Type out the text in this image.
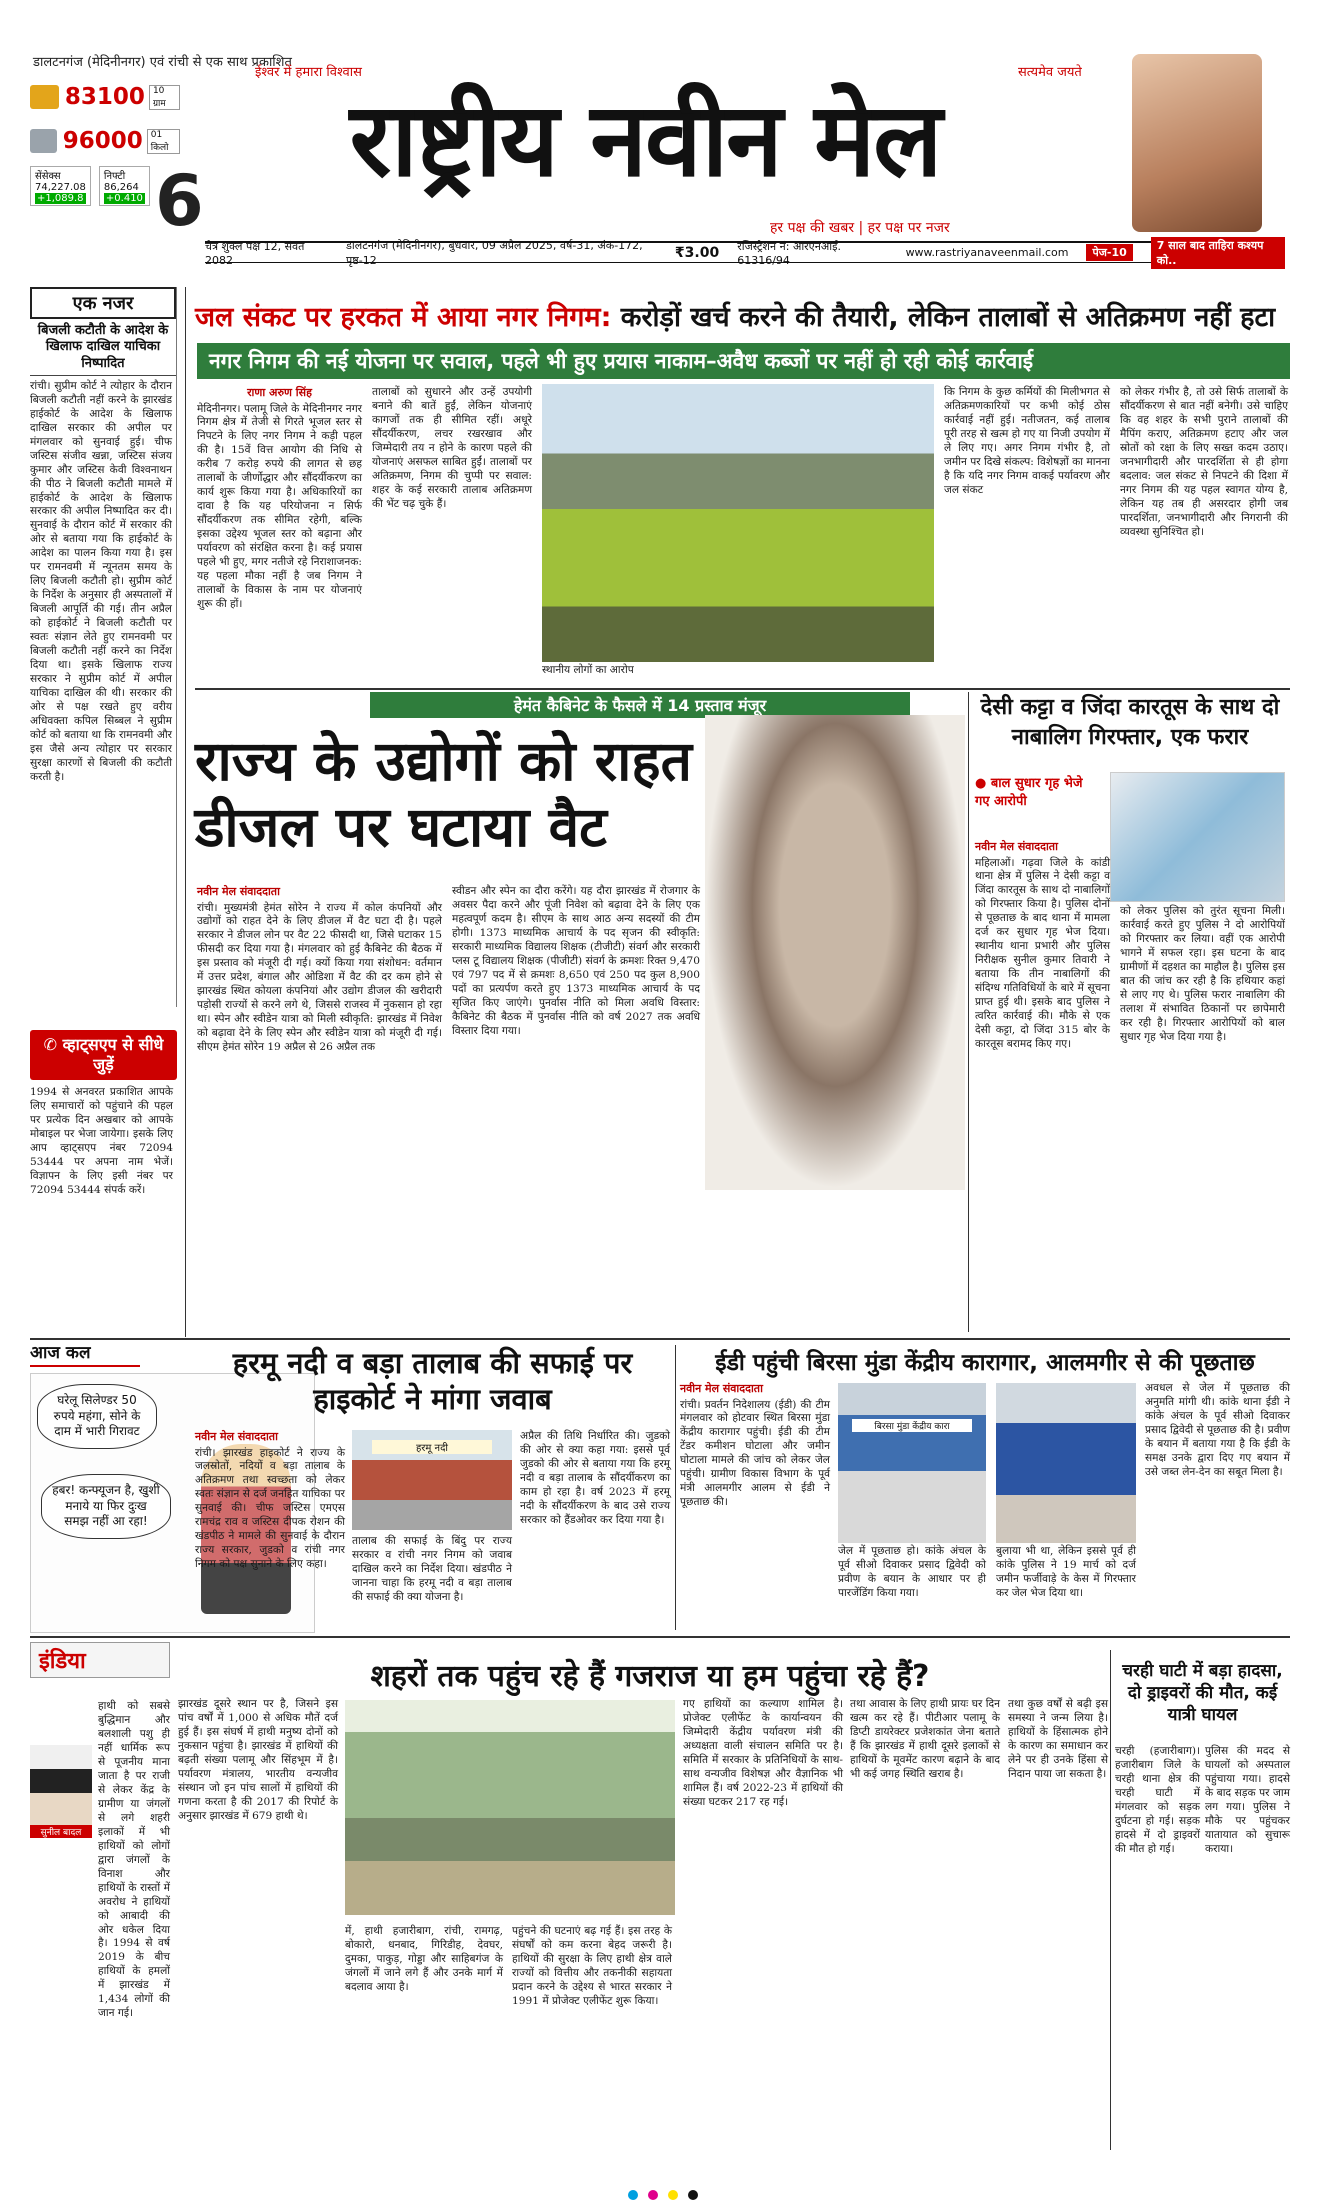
डालटनगंज (मेदिनीनगर) एवं रांची से एक साथ प्रकाशित
ईश्वर में हमारा विश्वास	सत्यमेव जयते
83100 10 ग्राम
96000 01 किलो
सेंसेक्स
74,227.08
+1,089.8
निफ्टी
86,264
+0.410 6
राष्ट्रीय नवीन मेल
हर पक्ष की खबर | हर पक्ष पर नजर
चैत्र शुक्ल पक्ष 12, संवत 2082
डालटनगंज (मेदिनीनगर), बुधवार, 09 अप्रैल 2025, वर्ष-31, अंक-172, पृष्ठ-12	₹3.00 रजिस्ट्रेशन नं: आरएनआई. 61316/94
www.rastriyanaveenmail.com	पेज-10
7 साल बाद ताहिरा कश्यप को..
एक नजर
बिजली कटौती के आदेश के खिलाफ दाखिल याचिका निष्पादित
रांची। सुप्रीम कोर्ट ने त्योहार के दौरान बिजली कटौती नहीं करने के झारखंड हाईकोर्ट के आदेश के खिलाफ दाखिल सरकार की अपील पर मंगलवार को सुनवाई हुई। चीफ जस्टिस संजीव खन्ना, जस्टिस संजय कुमार और जस्टिस केवी विश्वनाथन की पीठ ने बिजली कटौती मामले में हाईकोर्ट के आदेश के खिलाफ सरकार की अपील निष्पादित कर दी। सुनवाई के दौरान कोर्ट में सरकार की ओर से बताया गया कि हाईकोर्ट के आदेश का पालन किया गया है। इस पर रामनवमी में न्यूनतम समय के लिए बिजली कटौती हो। सुप्रीम कोर्ट के निर्देश के अनुसार ही अस्पतालों में बिजली आपूर्ति की गई। तीन अप्रैल को हाईकोर्ट ने बिजली कटौती पर स्वतः संज्ञान लेते हुए रामनवमी पर बिजली कटौती नहीं करने का निर्देश दिया था। इसके खिलाफ राज्य सरकार ने सुप्रीम कोर्ट में अपील याचिका दाखिल की थी। सरकार की ओर से पक्ष रखते हुए वरीय अधिवक्ता कपिल सिब्बल ने सुप्रीम कोर्ट को बताया था कि रामनवमी और इस जैसे अन्य त्योहार पर सरकार सुरक्षा कारणों से बिजली की कटौती करती है।
✆ व्हाट्सएप से सीधे जुड़ें
1994 से अनवरत प्रकाशित आपके लिए समाचारों को पहुंचाने की पहल पर प्रत्येक दिन अखबार को आपके मोबाइल पर भेजा जायेगा। इसके लिए आप व्हाट्सएप नंबर 72094 53444 पर अपना नाम भेजें। विज्ञापन के लिए इसी नंबर पर 72094 53444 संपर्क करें।
आज कल
घरेलू सिलेण्डर 50 रुपये महंगा, सोने के दाम में भारी गिरावट
हबर! कन्फ्यूजन है, खुशी मनाये या फिर दुःख समझ नहीं आ रहा!
जल संकट पर हरकत में आया नगर निगम: करोड़ों खर्च करने की तैयारी, लेकिन तालाबों से अतिक्रमण नहीं हटा
नगर निगम की नई योजना पर सवाल, पहले भी हुए प्रयास नाकाम–अवैध कब्जों पर नहीं हो रही कोई कार्रवाई

राणा अरुण सिंह

मेदिनीनगर। पलामू जिले के मेदिनीनगर नगर निगम क्षेत्र में तेजी से गिरते भूजल स्तर से निपटने के लिए नगर निगम ने कड़ी पहल की है। 15वें वित्त आयोग की निधि से करीब 7 करोड़ रुपये की लागत से छह तालाबों के जीर्णोद्धार और सौंदर्यीकरण का कार्य शुरू किया गया है। अधिकारियों का दावा है कि यह परियोजना न सिर्फ सौंदर्यीकरण तक सीमित रहेगी, बल्कि इसका उद्देश्य भूजल स्तर को बढ़ाना और पर्यावरण को संरक्षित करना है। कई प्रयास पहले भी हुए, मगर नतीजे रहे निराशाजनक: यह पहला मौका नहीं है जब निगम ने तालाबों के विकास के नाम पर योजनाएं शुरू की हों।

तालाबों को सुधारने और उन्हें उपयोगी बनाने की बातें हुईं, लेकिन योजनाएं कागजों तक ही सीमित रहीं। अधूरे सौंदर्यीकरण, लचर रखरखाव और जिम्मेदारी तय न होने के कारण पहले की योजनाएं असफल साबित हुईं। तालाबों पर अतिक्रमण, निगम की चुप्पी पर सवाल: शहर के कई सरकारी तालाब अतिक्रमण की भेंट चढ़ चुके हैं।
स्थानीय लोगों का आरोप
कि निगम के कुछ कर्मियों की मिलीभगत से अतिक्रमणकारियों पर कभी कोई ठोस कार्रवाई नहीं हुई। नतीजतन, कई तालाब पूरी तरह से खत्म हो गए या निजी उपयोग में ले लिए गए। अगर निगम गंभीर है, तो जमीन पर दिखे संकल्प: विशेषज्ञों का मानना है कि यदि नगर निगम वाकई पर्यावरण और जल संकट
को लेकर गंभीर है, तो उसे सिर्फ तालाबों के सौंदर्यीकरण से बात नहीं बनेगी। उसे चाहिए कि वह शहर के सभी पुराने तालाबों की मैपिंग कराए, अतिक्रमण हटाए और जल स्रोतों को रक्षा के लिए सख्त कदम उठाए। जनभागीदारी और पारदर्शिता से ही होगा बदलाव: जल संकट से निपटने की दिशा में नगर निगम की यह पहल स्वागत योग्य है, लेकिन यह तब ही असरदार होगी जब पारदर्शिता, जनभागीदारी और निगरानी की व्यवस्था सुनिश्चित हो।
हेमंत कैबिनेट के फैसले में 14 प्रस्ताव मंजूर
राज्य के उद्योगों को राहत डीजल पर घटाया वैट

नवीन मेल संवाददाता

रांची। मुख्यमंत्री हेमंत सोरेन ने राज्य में कोल कंपनियों और उद्योगों को राहत देने के लिए डीजल में वैट घटा दी है। पहले सरकार ने डीजल लोन पर वैट 22 फीसदी था, जिसे घटाकर 15 फीसदी कर दिया गया है। मंगलवार को हुई कैबिनेट की बैठक में इस प्रस्ताव को मंजूरी दी गई। क्यों किया गया संशोधन: वर्तमान में उत्तर प्रदेश, बंगाल और ओडिशा में वैट की दर कम होने से झारखंड स्थित कोयला कंपनियां और उद्योग डीजल की खरीदारी पड़ोसी राज्यों से करने लगे थे, जिससे राजस्व में नुकसान हो रहा था। स्पेन और स्वीडेन यात्रा को मिली स्वीकृति: झारखंड में निवेश को बढ़ावा देने के लिए स्पेन और स्वीडेन यात्रा को मंजूरी दी गई। सीएम हेमंत सोरेन 19 अप्रैल से 26 अप्रैल तक

स्वीडन और स्पेन का दौरा करेंगे। यह दौरा झारखंड में रोजगार के अवसर पैदा करने और पूंजी निवेश को बढ़ावा देने के लिए एक महत्वपूर्ण कदम है। सीएम के साथ आठ अन्य सदस्यों की टीम होगी। 1373 माध्यमिक आचार्य के पद सृजन की स्वीकृति: सरकारी माध्यमिक विद्यालय शिक्षक (टीजीटी) संवर्ग और सरकारी प्लस टू विद्यालय शिक्षक (पीजीटी) संवर्ग के क्रमशः रिक्त 9,470 एवं 797 पद में से क्रमशः 8,650 एवं 250 पद कुल 8,900 पदों का प्रत्यर्पण करते हुए 1373 माध्यमिक आचार्य के पद सृजित किए जाएंगे। पुनर्वास नीति को मिला अवधि विस्तार: कैबिनेट की बैठक में पुनर्वास नीति को वर्ष 2027 तक अवधि विस्तार दिया गया।
देसी कट्टा व जिंदा कारतूस के साथ दो नाबालिग गिरफ्तार, एक फरार
● बाल सुधार गृह भेजे गए आरोपी

नवीन मेल संवाददाता

महिलाओं। गढ़वा जिले के कांडी थाना क्षेत्र में पुलिस ने देसी कट्टा व जिंदा कारतूस के साथ दो नाबालिगों को गिरफ्तार किया है। पुलिस दोनों से पूछताछ के बाद थाना में मामला दर्ज कर सुधार गृह भेज दिया। स्थानीय थाना प्रभारी और पुलिस निरीक्षक सुनील कुमार तिवारी ने बताया कि तीन नाबालिगों की संदिग्ध गतिविधियों के बारे में सूचना प्राप्त हुई थी। इसके बाद पुलिस ने त्वरित कार्रवाई की। मौके से एक देसी कट्टा, दो जिंदा 315 बोर के कारतूस बरामद किए गए।

को लेकर पुलिस को तुरंत सूचना मिली। कार्रवाई करते हुए पुलिस ने दो आरोपियों को गिरफ्तार कर लिया। वहीं एक आरोपी भागने में सफल रहा। इस घटना के बाद ग्रामीणों में दहशत का माहौल है। पुलिस इस बात की जांच कर रही है कि हथियार कहां से लाए गए थे। पुलिस फरार नाबालिग की तलाश में संभावित ठिकानों पर छापेमारी कर रही है। गिरफ्तार आरोपियों को बाल सुधार गृह भेज दिया गया है।
हरमू नदी व बड़ा तालाब की सफाई पर हाइकोर्ट ने मांगा जवाब

नवीन मेल संवाददाता

रांची। झारखंड हाइकोर्ट ने राज्य के जलस्रोतों, नदियों व बड़ा तालाब के अतिक्रमण तथा स्वच्छता को लेकर स्वतः संज्ञान से दर्ज जनहित याचिका पर सुनवाई की। चीफ जस्टिस एमएस रामचंद्र राव व जस्टिस दीपक रोशन की खंडपीठ ने मामले की सुनवाई के दौरान राज्य सरकार, जुडको व रांची नगर निगम को पक्ष सुनाने के लिए कहा।

हरमू नदी
तालाब की सफाई के बिंदु पर राज्य सरकार व रांची नगर निगम को जवाब दाखिल करने का निर्देश दिया। खंडपीठ ने जानना चाहा कि हरमू नदी व बड़ा तालाब की सफाई की क्या योजना है।
अप्रैल की तिथि निर्धारित की। जुडको की ओर से क्या कहा गया: इससे पूर्व जुडको की ओर से बताया गया कि हरमू नदी व बड़ा तालाब के सौंदर्यीकरण का काम हो रहा है। वर्ष 2023 में हरमू नदी के सौंदर्यीकरण के बाद उसे राज्य सरकार को हैंडओवर कर दिया गया है।
ईडी पहुंची बिरसा मुंडा केंद्रीय कारागार, आलमगीर से की पूछताछ

नवीन मेल संवाददाता

रांची। प्रवर्तन निदेशालय (ईडी) की टीम मंगलवार को होटवार स्थित बिरसा मुंडा केंद्रीय कारागार पहुंची। ईडी की टीम टेंडर कमीशन घोटाला और जमीन घोटाला मामले की जांच को लेकर जेल पहुंची। ग्रामीण विकास विभाग के पूर्व मंत्री आलमगीर आलम से ईडी ने पूछताछ की।

बिरसा मुंडा केंद्रीय कारा
जेल में पूछताछ हो। कांके अंचल के पूर्व सीओ दिवाकर प्रसाद द्विवेदी को प्रवीण के बयान के आधार पर ही पारजेंडिंग किया गया।
बुलाया भी था, लेकिन इससे पूर्व ही कांके पुलिस ने 19 मार्च को दर्ज जमीन फर्जीवाड़े के केस में गिरफ्तार कर जेल भेज दिया था।
अवधल से जेल में पूछताछ की अनुमति मांगी थी। कांके थाना ईडी ने कांके अंचल के पूर्व सीओ दिवाकर प्रसाद द्विवेदी से पूछताछ की है। प्रवीण के बयान में बताया गया है कि ईडी के समक्ष उनके द्वारा दिए गए बयान में उसे जब्त लेन-देन का सबूत मिला है।
इंडिया
हाथी को सबसे बुद्धिमान और बलशाली पशु ही नहीं धार्मिक रूप से पूजनीय माना जाता है पर राजी से लेकर केंद्र के ग्रामीण या जंगलों से लगे शहरी इलाकों में भी हाथियों को लोगों द्वारा जंगलों के विनाश और हाथियों के रास्तों में अवरोध ने हाथियों को आबादी की ओर धकेल दिया है। 1994 से वर्ष 2019 के बीच हाथियों के हमलों में झारखंड में 1,434 लोगों की जान गई।
सुनील बादल
शहरों तक पहुंच रहे हैं गजराज या हम पहुंचा रहे हैं?
झारखंड दूसरे स्थान पर है, जिसने इस पांच वर्षों में 1,000 से अधिक मौतें दर्ज हुई हैं। इस संघर्ष में हाथी मनुष्य दोनों को नुकसान पहुंचा है। झारखंड में हाथियों की बढ़ती संख्या पलामू और सिंहभूम में है। पर्यावरण मंत्रालय, भारतीय वन्यजीव संस्थान जो इन पांच सालों में हाथियों की गणना करता है की 2017 की रिपोर्ट के अनुसार झारखंड में 679 हाथी थे।
में, हाथी हजारीबाग, रांची, रामगढ़, बोकारो, धनबाद, गिरिडीह, देवघर, दुमका, पाकुड़, गोड्डा और साहिबगंज के जंगलों में जाने लगे हैं और उनके मार्ग में बदलाव आया है।
पहुंचने की घटनाएं बढ़ गई हैं। इस तरह के संघर्षों को कम करना बेहद जरूरी है। हाथियों की सुरक्षा के लिए हाथी क्षेत्र वाले राज्यों को वित्तीय और तकनीकी सहायता प्रदान करने के उद्देश्य से भारत सरकार ने 1991 में प्रोजेक्ट एलीफेंट शुरू किया।
गए हाथियों का कल्याण शामिल है। प्रोजेक्ट एलीफेंट के कार्यान्वयन की जिम्मेदारी केंद्रीय पर्यावरण मंत्री की अध्यक्षता वाली संचालन समिति पर है। समिति में सरकार के प्रतिनिधियों के साथ-साथ वन्यजीव विशेषज्ञ और वैज्ञानिक भी शामिल हैं। वर्ष 2022-23 में हाथियों की संख्या घटकर 217 रह गई।
तथा आवास के लिए हाथी प्रायः घर दिन खत्म कर रहे हैं। पीटीआर पलामू के डिप्टी डायरेक्टर प्रजेशकांत जेना बताते हैं कि झारखंड में हाथी दूसरे इलाकों से हाथियों के मूवमेंट कारण बढ़ाने के बाद भी कई जगह स्थिति खराब है।
तथा कुछ वर्षों से बढ़ी इस समस्या ने जन्म लिया है। हाथियों के हिंसात्मक होने के कारण का समाधान कर लेने पर ही उनके हिंसा से निदान पाया जा सकता है।
चरही घाटी में बड़ा हादसा, दो ड्राइवरों की मौत, कई यात्री घायल
चरही (हजारीबाग)। हजारीबाग जिले के चरही थाना क्षेत्र की चरही घाटी में मंगलवार को सड़क दुर्घटना हो गई। सड़क हादसे में दो ड्राइवरों की मौत हो गई।
पुलिस की मदद से घायलों को अस्पताल पहुंचाया गया। हादसे के बाद सड़क पर जाम लग गया। पुलिस ने मौके पर पहुंचकर यातायात को सुचारू कराया।
